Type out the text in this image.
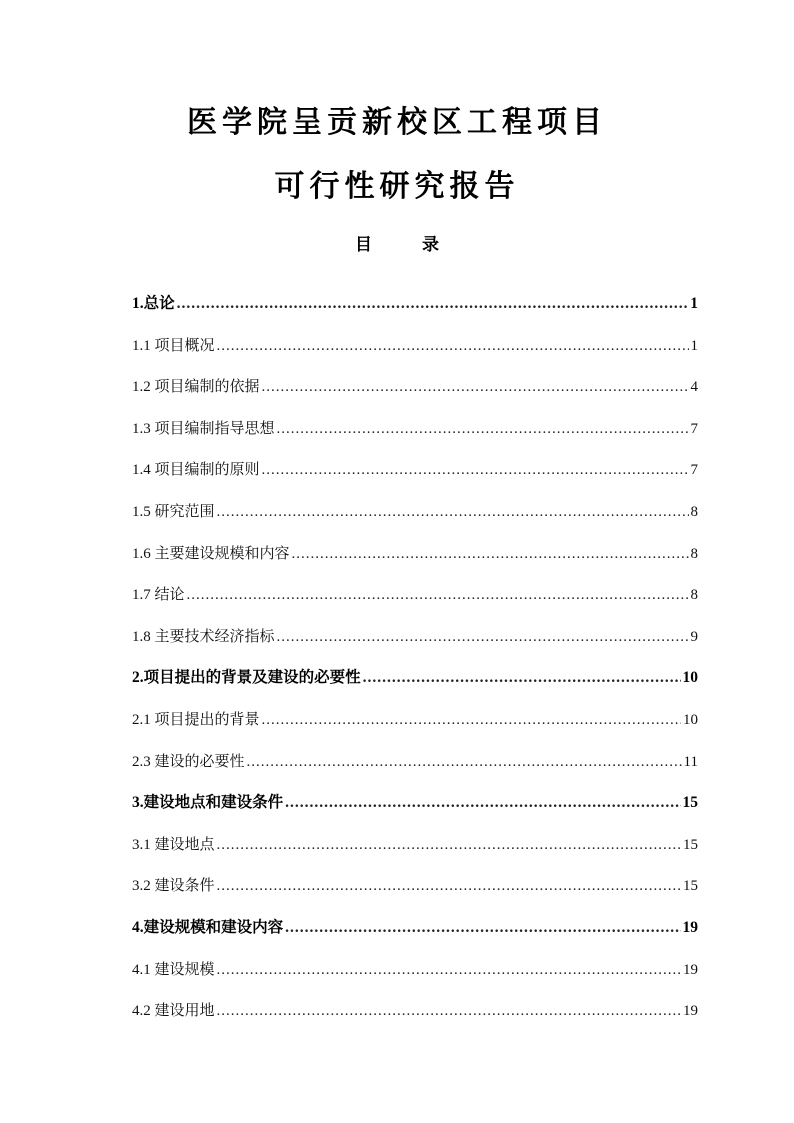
医学院呈贡新校区工程项目
可行性研究报告
目 录
1.总论 .....	1
1.1 项目概况 .....	1
1.2 项目编制的依据 .....	4
1.3 项目编制指导思想 .....	7
1.4 项目编制的原则 .....	7
1.5 研究范围 .....	8
1.6 主要建设规模和内容 .....	8
1.7 结论 .....	8
1.8 主要技术经济指标 .....	9
2.项目提出的背景及建设的必要性 .....	10
2.1 项目提出的背景 .....	10
2.3 建设的必要性 .....	11
3.建设地点和建设条件 .....	15
3.1 建设地点 .....	15
3.2 建设条件 .....	15
4.建设规模和建设内容 .....	19
4.1 建设规模 .....	19
4.2 建设用地 .....	19
